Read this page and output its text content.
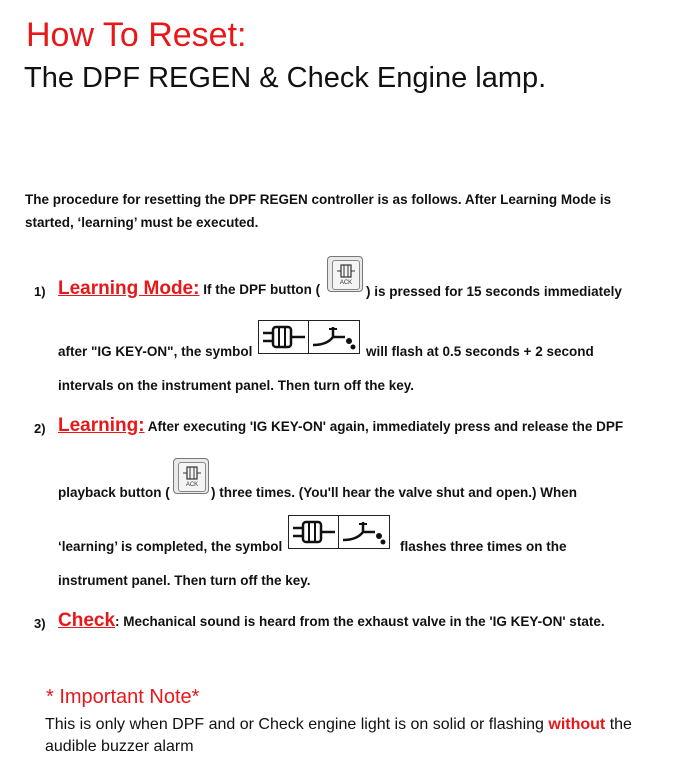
How To Reset:
The DPF REGEN & Check Engine lamp.
The procedure for resetting the DPF REGEN controller is as follows. After Learning Mode is started, ‘learning’ must be executed.
1) Learning Mode: If the DPF button (	ACK
) is pressed for 15 seconds immediately
after "IG KEY-ON", the symbol	will flash at 0.5 seconds + 2 second
intervals on the instrument panel. Then turn off the key.
2) Learning: After executing 'IG KEY-ON' again, immediately press and release the DPF
playback button (	ACK ) three times. (You'll hear the valve shut and open.) When
‘learning’ is completed, the symbol	flashes three times on the
instrument panel. Then turn off the key.
3) Check: Mechanical sound is heard from the exhaust valve in the 'IG KEY-ON' state.
* Important Note*
This is only when DPF and or Check engine light is on solid or flashing without the audible buzzer alarm
